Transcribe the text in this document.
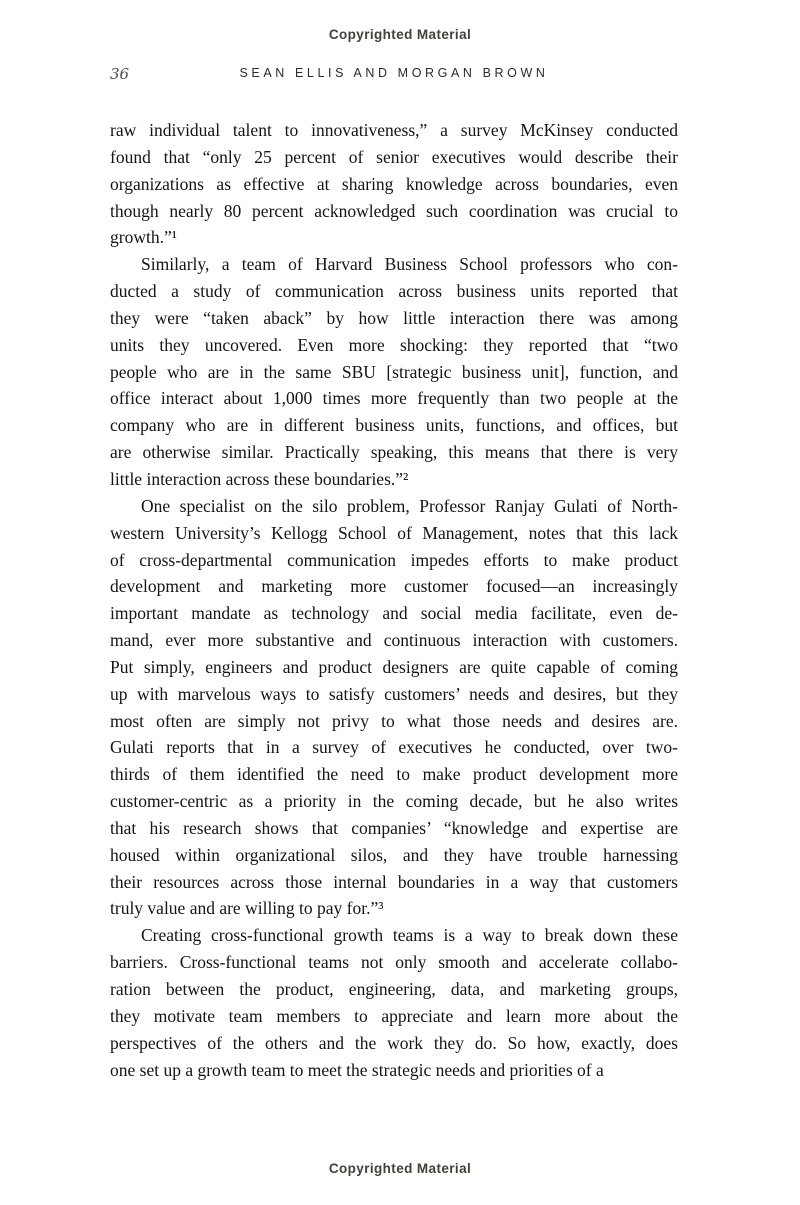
Copyrighted Material
36	SEAN ELLIS AND MORGAN BROWN
raw individual talent to innovativeness,” a survey McKinsey conducted
found that “only 25 percent of senior executives would describe their
organizations as effective at sharing knowledge across boundaries, even
though nearly 80 percent acknowledged such coordination was crucial to
growth.”¹
Similarly, a team of Harvard Business School professors who con-
ducted a study of communication across business units reported that
they were “taken aback” by how little interaction there was among
units they uncovered. Even more shocking: they reported that “two
people who are in the same SBU [strategic business unit], function, and
office interact about 1,000 times more frequently than two people at the
company who are in different business units, functions, and offices, but
are otherwise similar. Practically speaking, this means that there is very
little interaction across these boundaries.”²
One specialist on the silo problem, Professor Ranjay Gulati of North-
western University’s Kellogg School of Management, notes that this lack
of cross-departmental communication impedes efforts to make product
development and marketing more customer focused—an increasingly
important mandate as technology and social media facilitate, even de-
mand, ever more substantive and continuous interaction with customers.
Put simply, engineers and product designers are quite capable of coming
up with marvelous ways to satisfy customers’ needs and desires, but they
most often are simply not privy to what those needs and desires are.
Gulati reports that in a survey of executives he conducted, over two-
thirds of them identified the need to make product development more
customer-centric as a priority in the coming decade, but he also writes
that his research shows that companies’ “knowledge and expertise are
housed within organizational silos, and they have trouble harnessing
their resources across those internal boundaries in a way that customers
truly value and are willing to pay for.”³
Creating cross-functional growth teams is a way to break down these
barriers. Cross-functional teams not only smooth and accelerate collabo-
ration between the product, engineering, data, and marketing groups,
they motivate team members to appreciate and learn more about the
perspectives of the others and the work they do. So how, exactly, does
one set up a growth team to meet the strategic needs and priorities of a
Copyrighted Material
